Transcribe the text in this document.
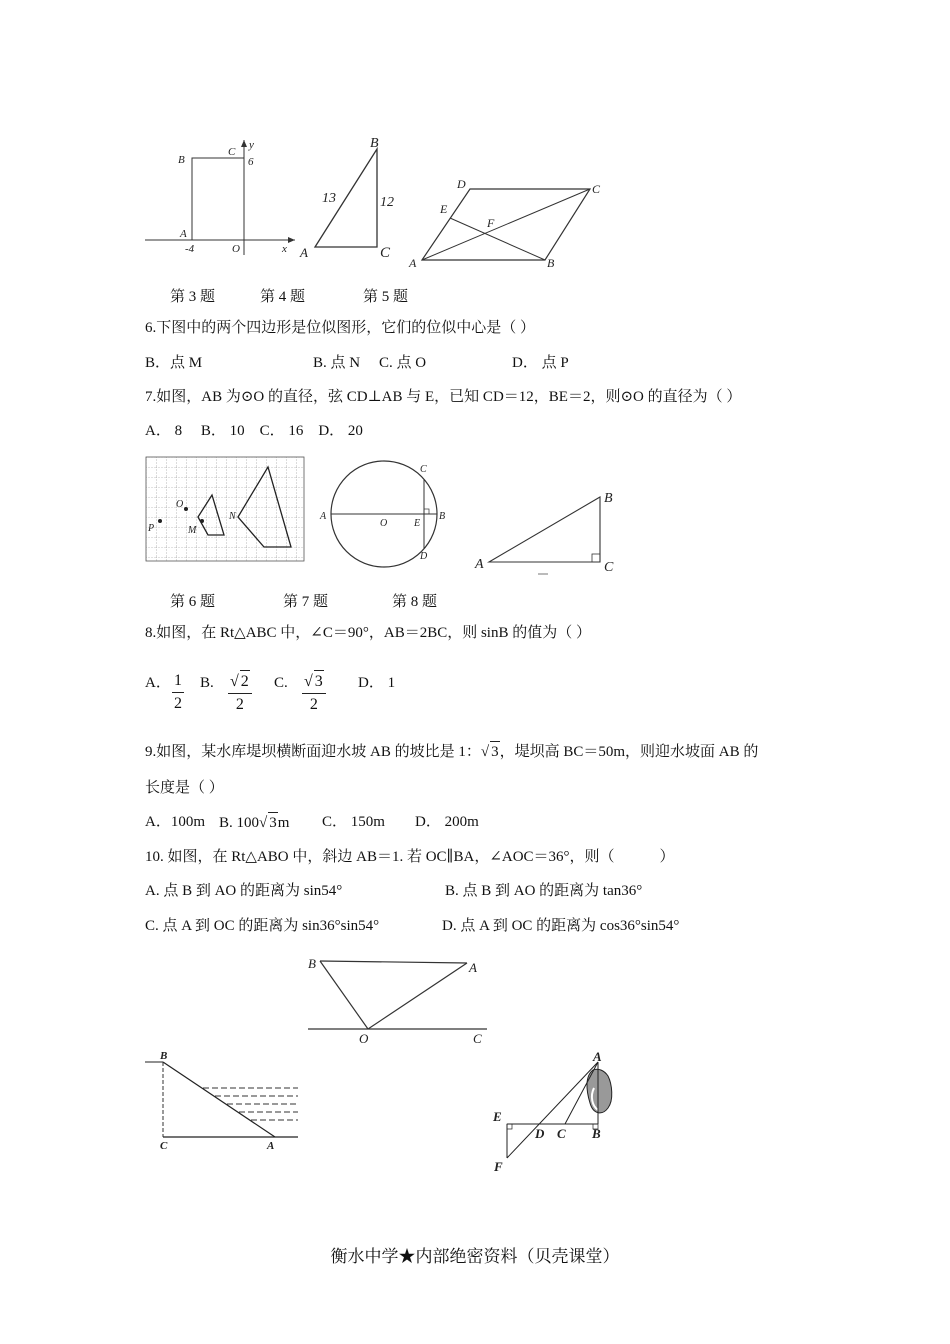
B
C
y
6
A
-4	O	x
B
13	12
A	C
D	C
E
F
A	B
第 3 题	第 4 题	第 5 题
6.下图中的两个四边形是位似图形，它们的位似中心是（ ）
B．点 M	B. 点 N C. 点 O	D． 点 P
7.如图，AB 为⊙O 的直径，弦 CD⊥AB 与 E，已知 CD＝12，BE＝2，则⊙O 的直径为（ ）
A． 8　 B． 10　C． 16　D． 20
O
P	M
N	A
O	E
B
C
D
B
A	C
第 6 题	第 7 题	第 8 题
8.如图，在 Rt△ABC 中，∠C＝90°，AB＝2BC，则 sinB 的值为（ ）
A． $\frac{1}{2} B$. $\frac{√ 2}{2} C$. $\frac{√ 3}{2}$ D． 1
9.如图，某水库堤坝横断面迎水坡 AB 的坡比是 1：√ 3，堤坝高 BC＝50m，则迎水坡面 AB 的
长度是（ ）
A．100m B. 100√ 3m C． 150m D． 200m
10. 如图，在 Rt△ABO 中，斜边 AB＝1. 若 OC∥BA，∠AOC＝36°，则（　　　）
A. 点 B 到 AO 的距离为 sin54°	B. 点 B 到 AO 的距离为 tan36°
C. 点 A 到 OC 的距离为 sin36°sin54°	D. 点 A 到 OC 的距离为 cos36°sin54°
B	A
O	C
B
C	A
A
E
D C B
F
衡水中学★内部绝密资料（贝壳课堂）
